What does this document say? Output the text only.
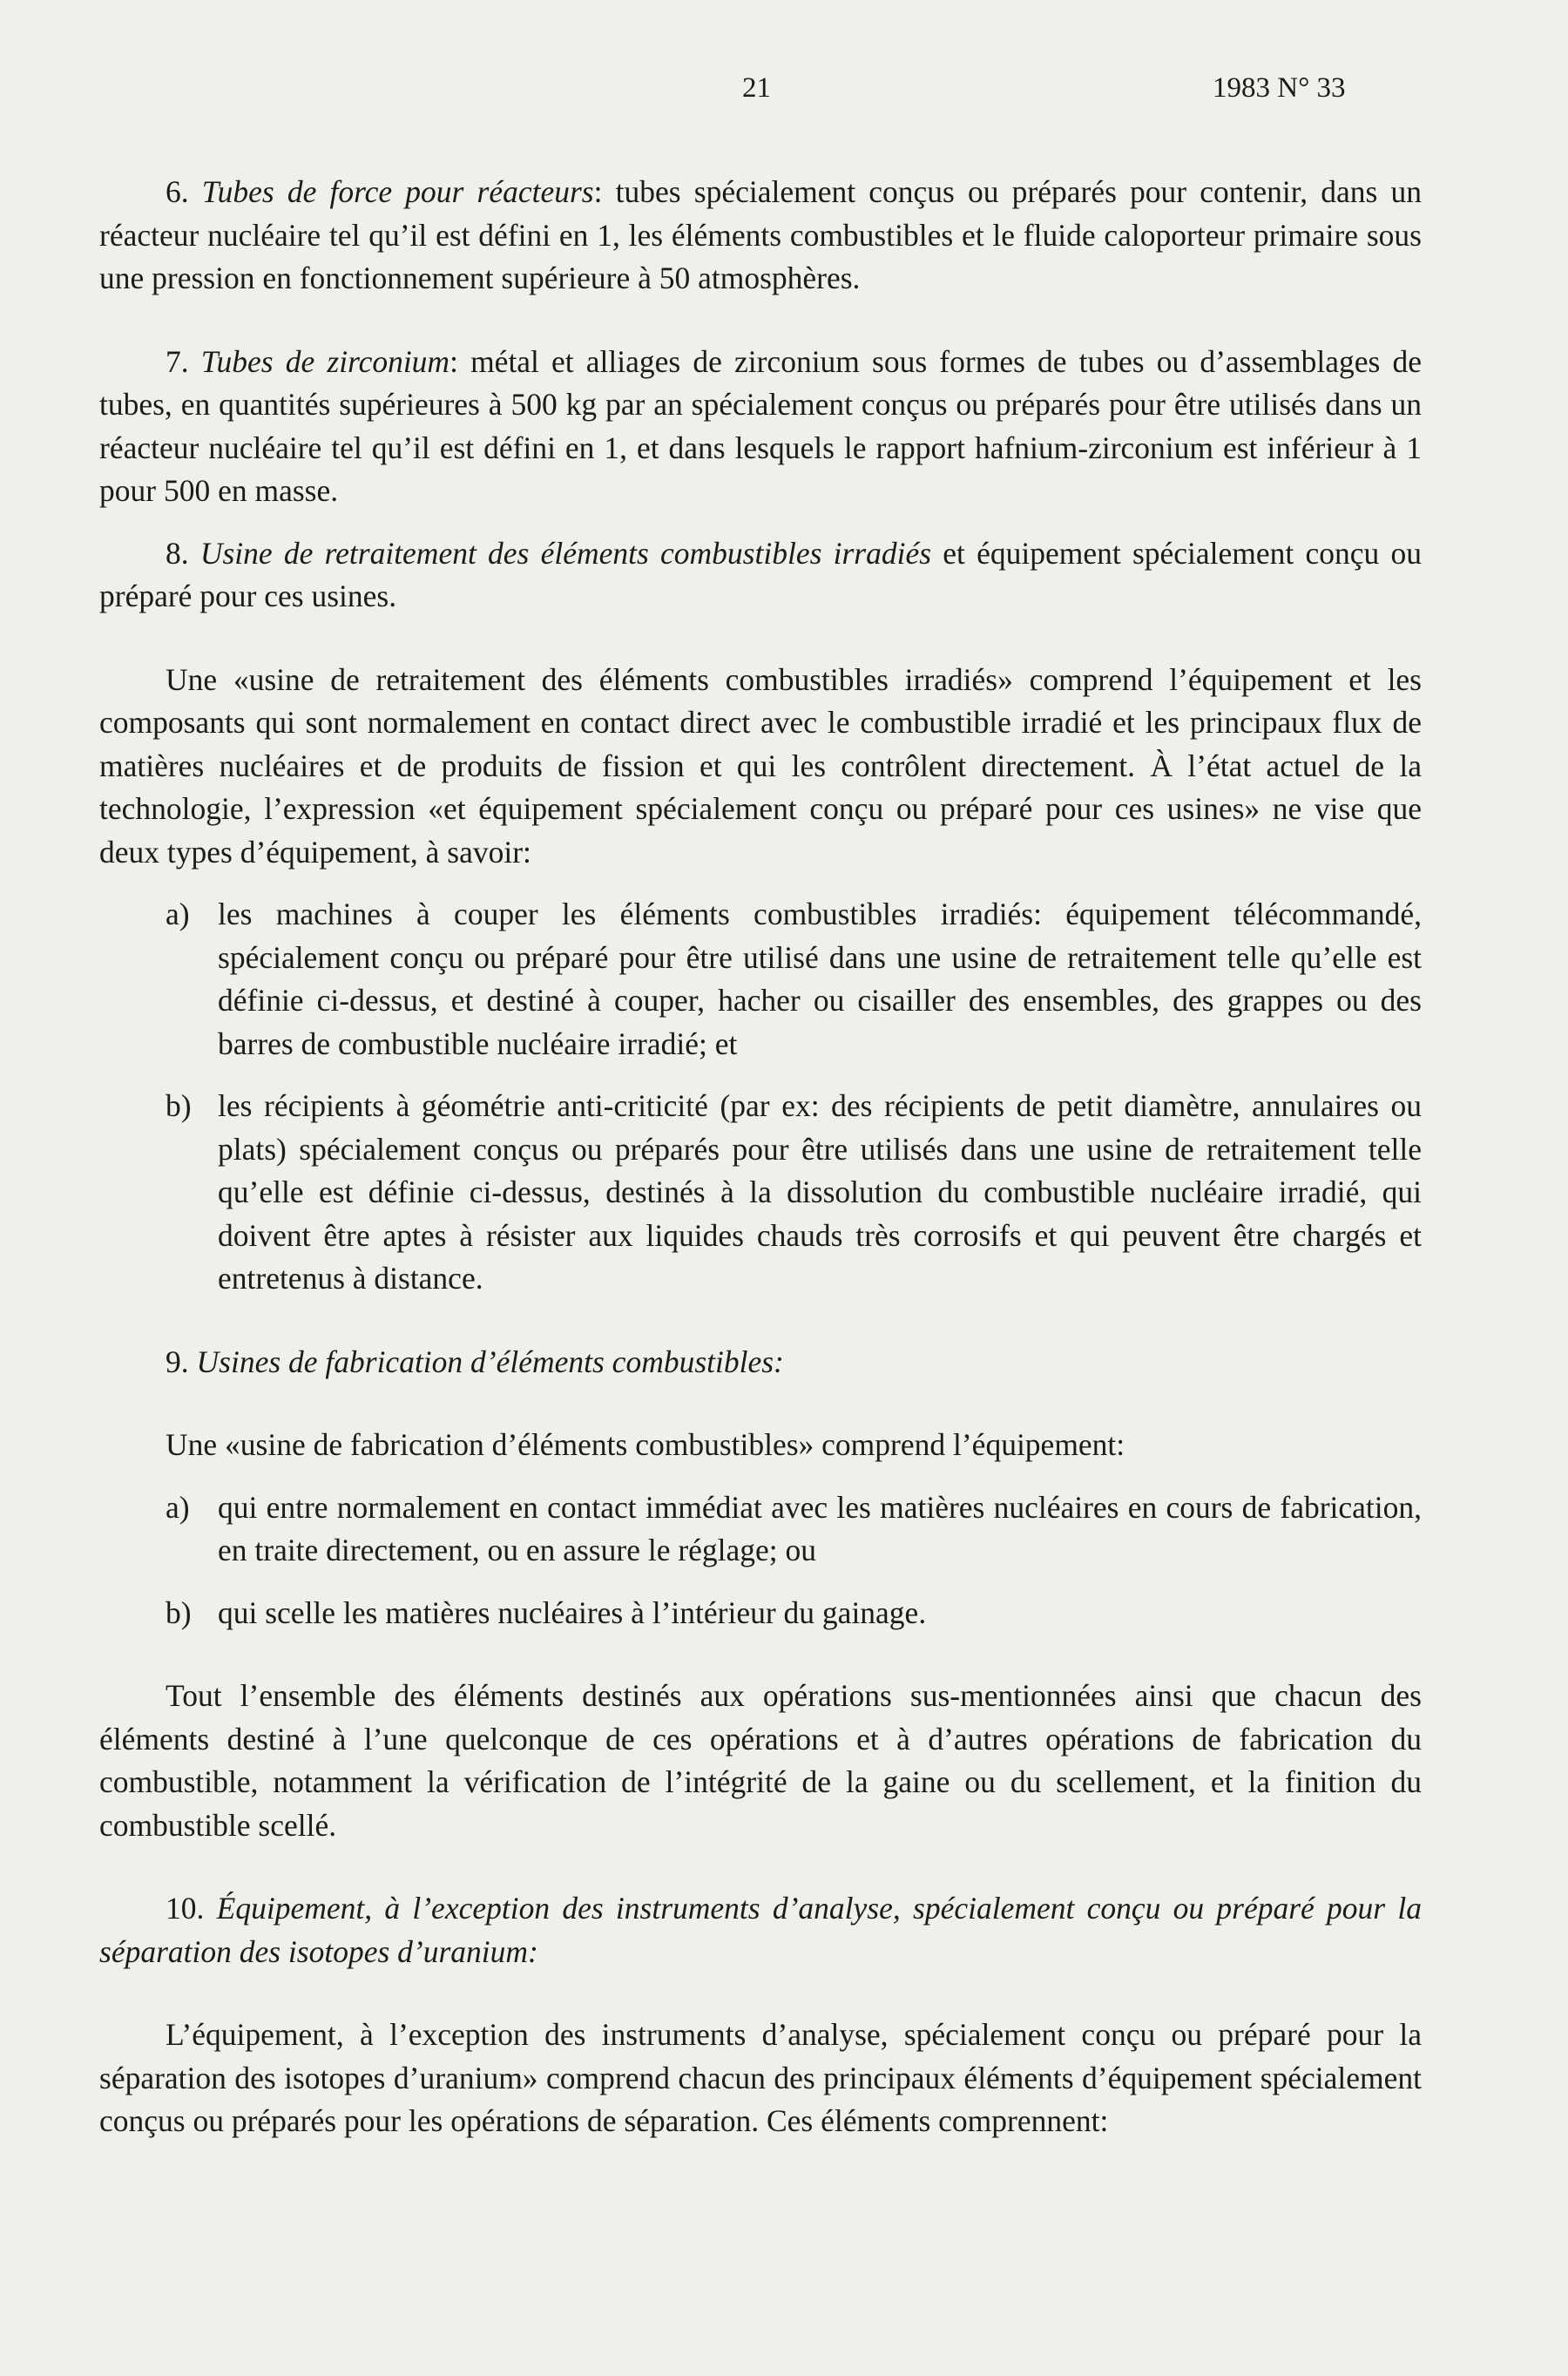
21	1983 N° 33

6. Tubes de force pour réacteurs: tubes spécialement conçus ou préparés pour contenir, dans un réacteur nucléaire tel qu’il est défini en 1, les éléments combustibles et le fluide caloporteur primaire sous une pression en fonctionnement supérieure à 50 atmosphères.

7. Tubes de zirconium: métal et alliages de zirconium sous formes de tubes ou d’assemblages de tubes, en quantités supérieures à 500 kg par an spécialement conçus ou préparés pour être utilisés dans un réacteur nucléaire tel qu’il est défini en 1, et dans lesquels le rapport hafnium-zirconium est inférieur à 1 pour 500 en masse.

8. Usine de retraitement des éléments combustibles irradiés et équipement spécialement conçu ou préparé pour ces usines.

Une «usine de retraitement des éléments combustibles irradiés» comprend l’équipement et les composants qui sont normalement en contact direct avec le combustible irradié et les principaux flux de matières nucléaires et de produits de fission et qui les contrôlent directement. À l’état actuel de la technologie, l’expression «et équipement spécialement conçu ou préparé pour ces usines» ne vise que deux types d’équipement, à savoir:

a) les machines à couper les éléments combustibles irradiés: équipement télécommandé, spécialement conçu ou préparé pour être utilisé dans une usine de retraitement telle qu’elle est définie ci-dessus, et destiné à couper, hacher ou cisailler des ensembles, des grappes ou des barres de combustible nucléaire irradié; et
b) les récipients à géométrie anti-criticité (par ex: des récipients de petit diamètre, annulaires ou plats) spécialement conçus ou préparés pour être utilisés dans une usine de retraitement telle qu’elle est définie ci-dessus, destinés à la dissolution du combustible nucléaire irradié, qui doivent être aptes à résister aux liquides chauds très corrosifs et qui peuvent être chargés et entretenus à distance.

9. Usines de fabrication d’éléments combustibles:

Une «usine de fabrication d’éléments combustibles» comprend l’équipement:

a) qui entre normalement en contact immédiat avec les matières nucléaires en cours de fabrication, en traite directement, ou en assure le réglage; ou
b) qui scelle les matières nucléaires à l’intérieur du gainage.

Tout l’ensemble des éléments destinés aux opérations sus-mentionnées ainsi que chacun des éléments destiné à l’une quelconque de ces opérations et à d’autres opérations de fabrication du combustible, notamment la vérification de l’intégrité de la gaine ou du scellement, et la finition du combustible scellé.

10. Équipement, à l’exception des instruments d’analyse, spécialement conçu ou préparé pour la séparation des isotopes d’uranium:

L’équipement, à l’exception des instruments d’analyse, spécialement conçu ou préparé pour la séparation des isotopes d’uranium» comprend chacun des principaux éléments d’équipement spécialement conçus ou préparés pour les opérations de séparation. Ces éléments comprennent:
